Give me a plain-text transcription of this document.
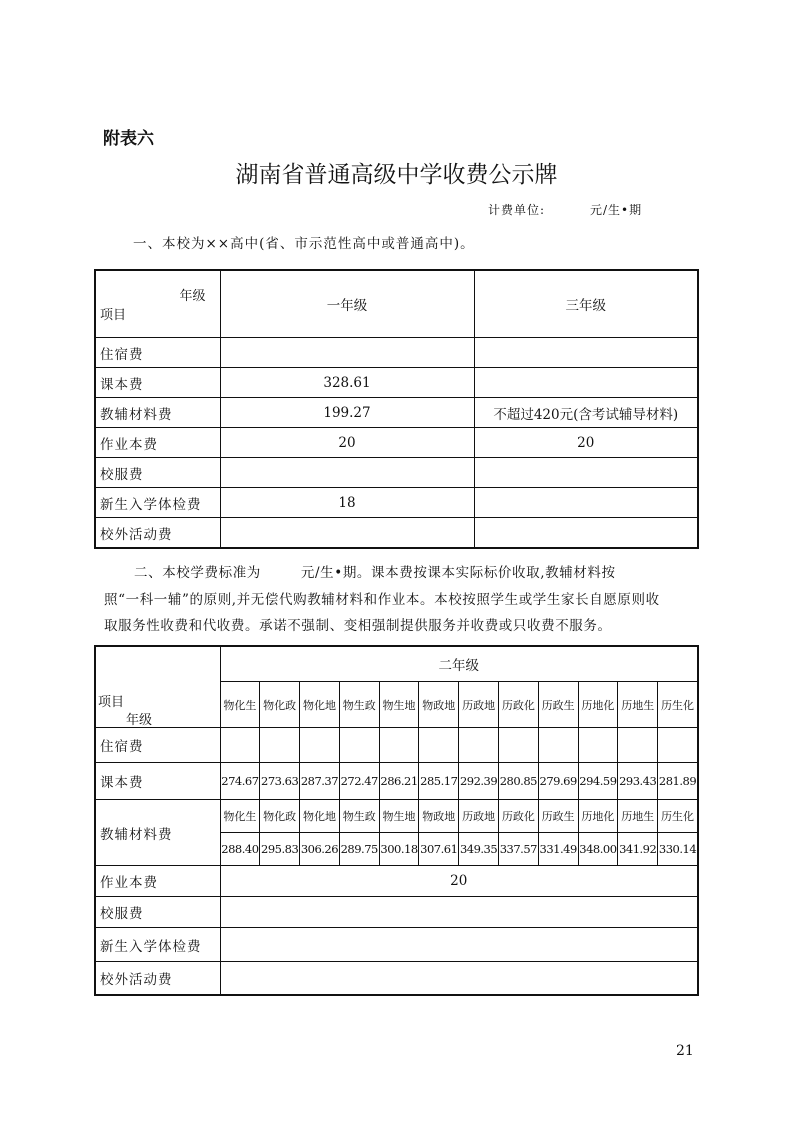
附表六
湖南省普通高级中学收费公示牌
计费单位:	元/生•期
一、本校为××高中(省、市示范性高中或普通高中)。
年级
项目	一年级	三年级
住宿费		
课本费	328.61	
教辅材料费	199.27	不超过420元(含考试辅导材料)
作业本费	20	20
校服费		
新生入学体检费	18	
校外活动费		
二、本校学费标准为	元/生•期。课本费按课本实际标价收取,教辅材料按
照“一科一辅”的原则,并无偿代购教辅材料和作业本。本校按照学生或学生家长自愿原则收
取服务性收费和代收费。承诺不强制、变相强制提供服务并收费或只收费不服务。
项目
年级	二年级											
	物化生	物化政	物化地	物生政	物生地	物政地	历政地	历政化	历政生	历地化	历地生	历生化
住宿费												
课本费	274.67	273.63	287.37	272.47	286.21	285.17	292.39	280.85	279.69	294.59	293.43	281.89
教辅材料费	物化生	物化政	物化地	物生政	物生地	物政地	历政地	历政化	历政生	历地化	历地生	历生化
	288.40	295.83	306.26	289.75	300.18	307.61	349.35	337.57	331.49	348.00	341.92	330.14
作业本费	20											
校服费												
新生入学体检费												
校外活动费												
21
